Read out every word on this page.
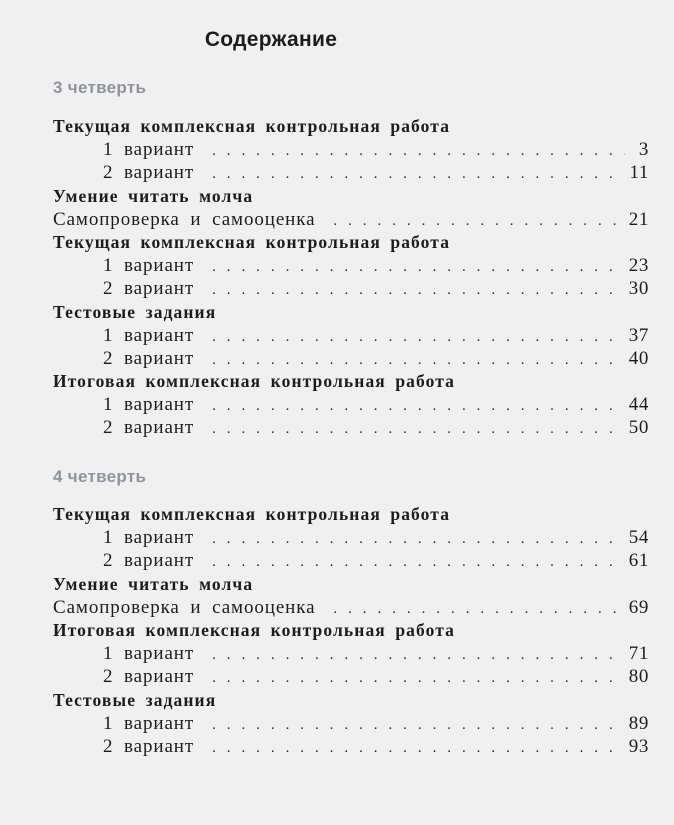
Содержание
3 четверть
Текущая комплексная контрольная работа
1 вариант . . .	3
2 вариант . . .	11
Умение читать молча
Самопроверка и самооценка . . .	21
Текущая комплексная контрольная работа
1 вариант . . .	23
2 вариант . . .	30
Тестовые задания
1 вариант . . .	37
2 вариант . . .	40
Итоговая комплексная контрольная работа
1 вариант . . .	44
2 вариант . . .	50
4 четверть
Текущая комплексная контрольная работа
1 вариант . . .	54
2 вариант . . .	61
Умение читать молча
Самопроверка и самооценка . . .	69
Итоговая комплексная контрольная работа
1 вариант . . .	71
2 вариант . . .	80
Тестовые задания
1 вариант . . .	89
2 вариант . . .	93
